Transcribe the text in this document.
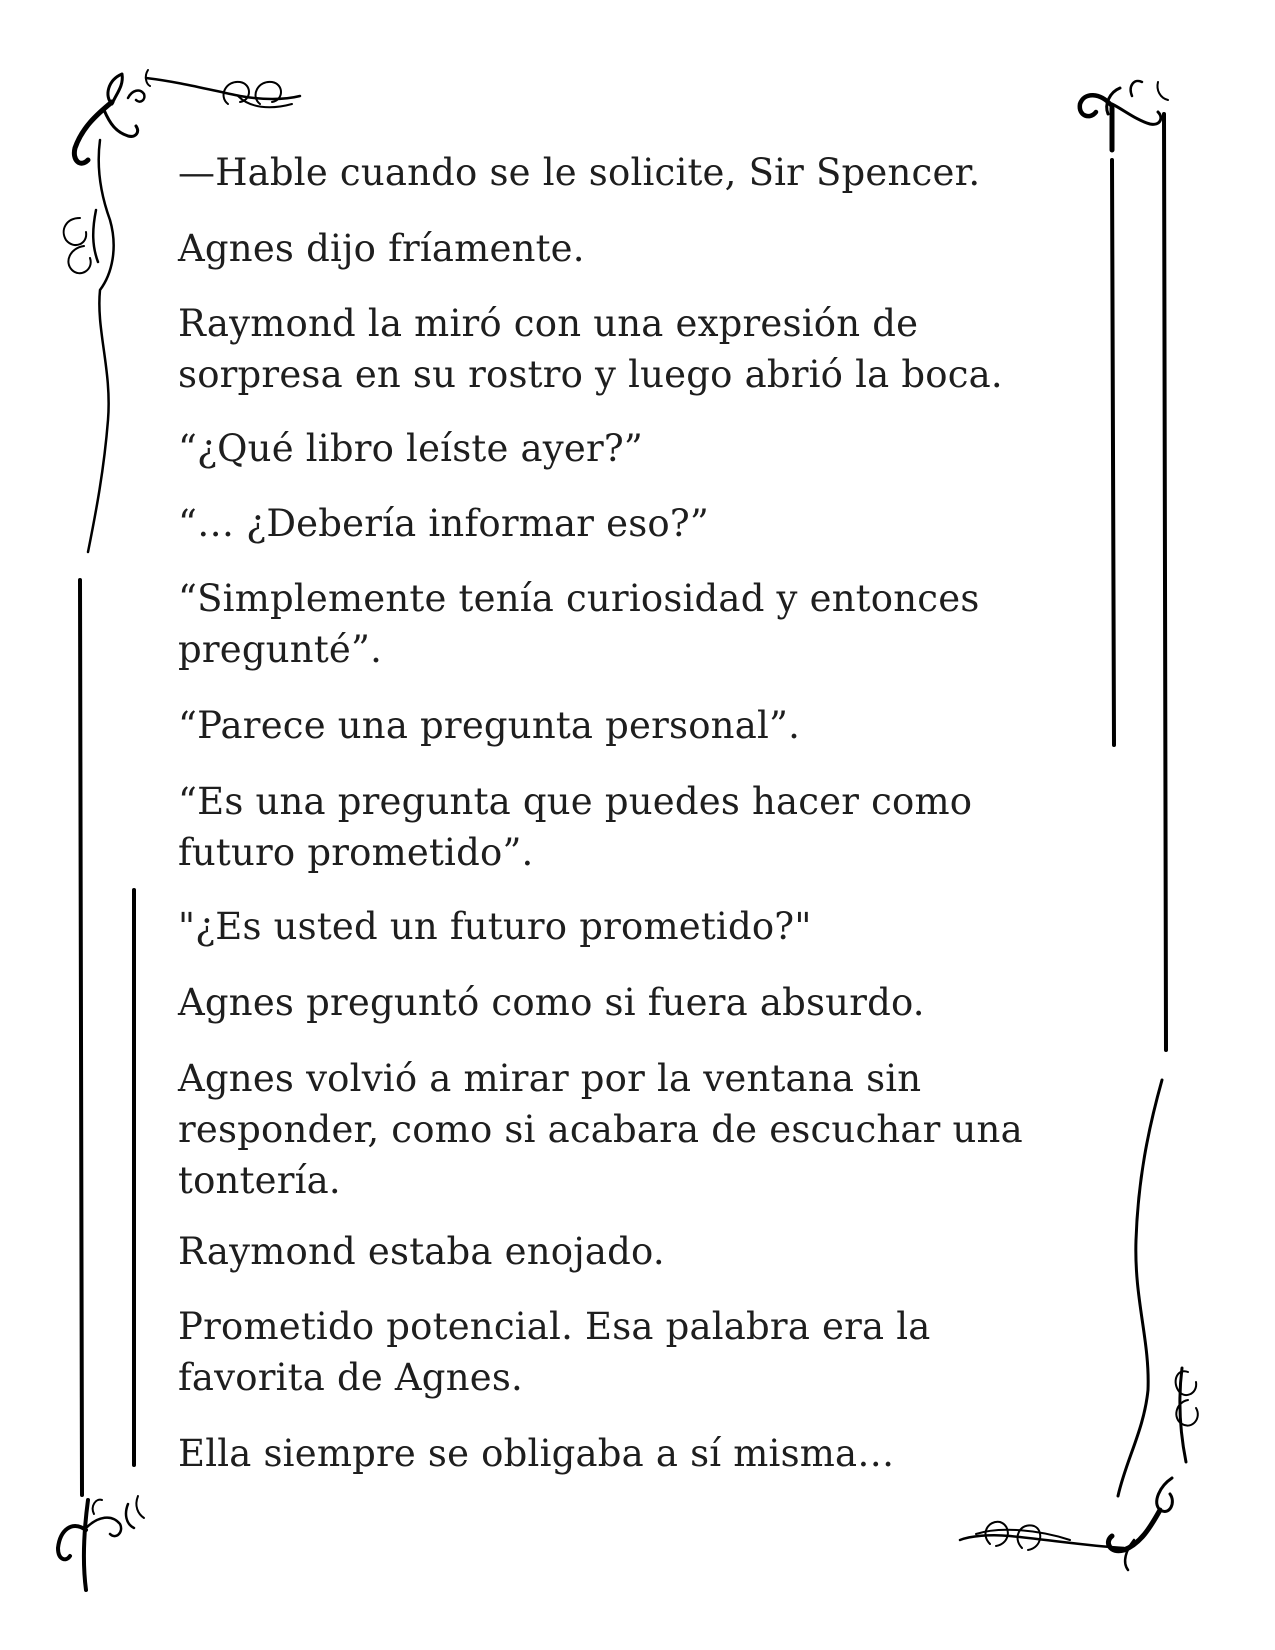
—Hable cuando se le solicite, Sir Spencer.

Agnes dijo fríamente.

Raymond la miró con una expresión de
sorpresa en su rostro y luego abrió la boca.

“¿Qué libro leíste ayer?”

“… ¿Debería informar eso?”

“Simplemente tenía curiosidad y entonces
pregunté”.

“Parece una pregunta personal”.

“Es una pregunta que puedes hacer como
futuro prometido”.

"¿Es usted un futuro prometido?"

Agnes preguntó como si fuera absurdo.

Agnes volvió a mirar por la ventana sin
responder, como si acabara de escuchar una
tontería.

Raymond estaba enojado.

Prometido potencial. Esa palabra era la
favorita de Agnes.

Ella siempre se obligaba a sí misma…
